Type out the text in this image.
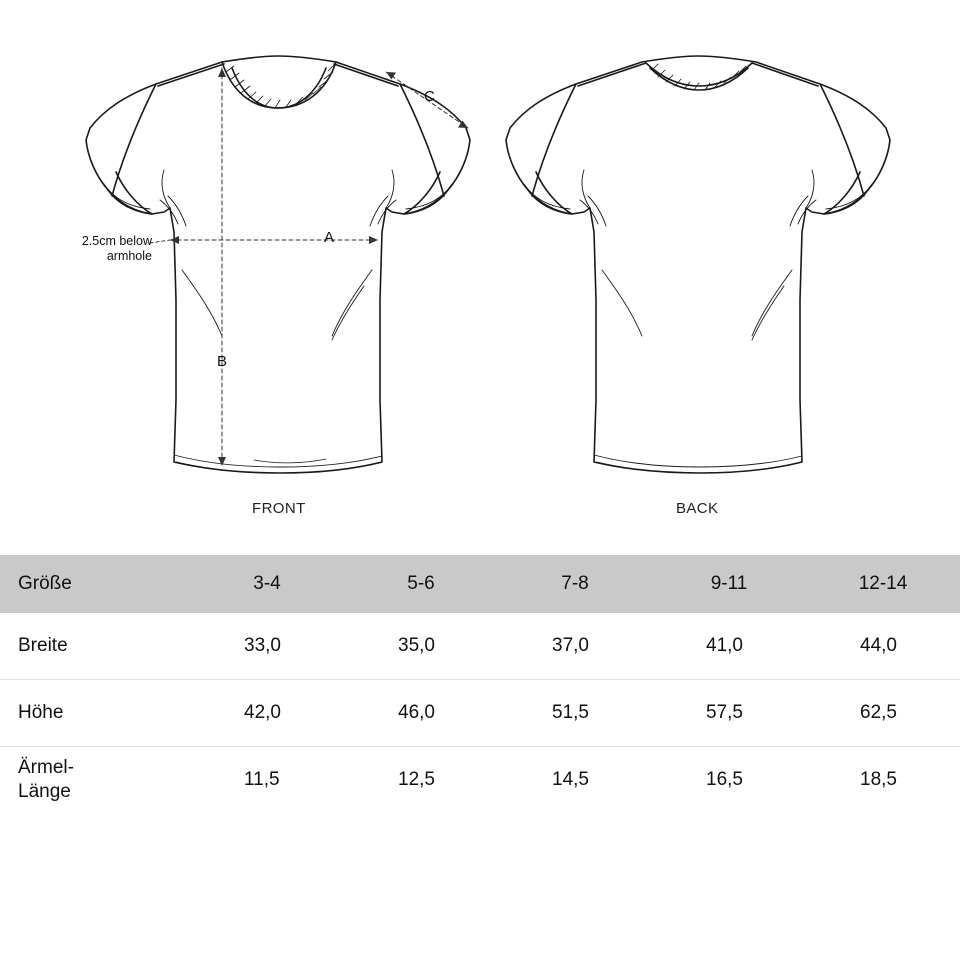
2.5cm below
armhole
A
B
C
FRONT	BACK
Größe	3-4	5-6	7-8	9-11	12-14
Breite	33,0	35,0	37,0	41,0	44,0
Höhe	42,0	46,0	51,5	57,5	62,5
Ärmel-
Länge	11,5	12,5	14,5	16,5	18,5
